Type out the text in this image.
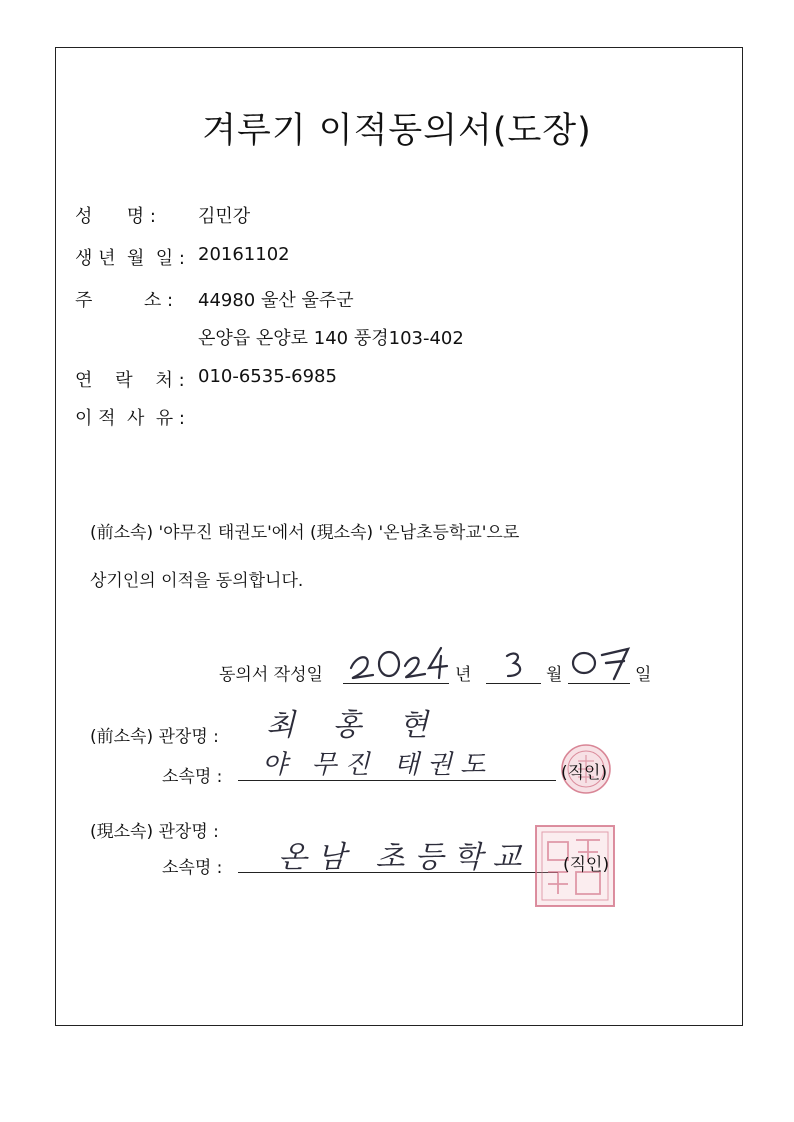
겨루기 이적동의서(도장)
성      명 : 김민강
생 년  월  일 : 20161102
주         소 : 44980 울산 울주군
온양읍 온양로 140 풍경103-402
연    락    처 : 010-6535-6985
이 적  사  유 :
(前소속) '야무진 태권도'에서 (現소속) '온남초등학교'으로
상기인의 이적을 동의합니다.
동의서 작성일	년	월	일
(前소속) 관장명 : 최 홍 현
소속명 : 야 무진 태권도	(직인)
(現소속) 관장명 :
소속명 : 온남 초등학교 (직인)
